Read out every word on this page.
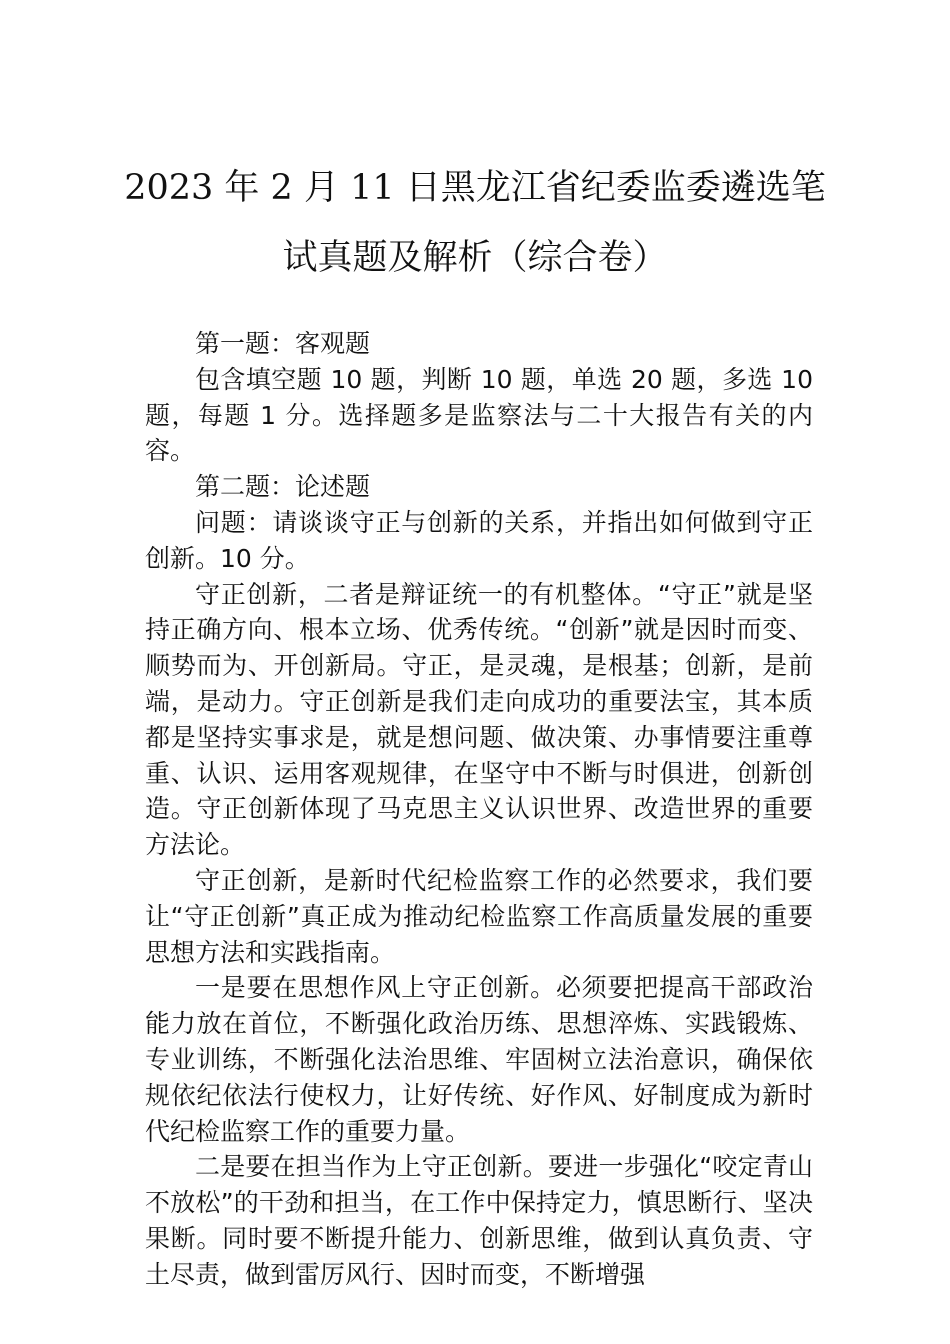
2023 年 2 月 11 日黑龙江省纪委监委遴选笔
试真题及解析（综合卷）

第一题：客观题

包含填空题 10 题，判断 10 题，单选 20 题，多选 10 题，每题 1 分。选择题多是监察法与二十大报告有关的内容。

第二题：论述题

问题：请谈谈守正与创新的关系，并指出如何做到守正创新。10 分。

守正创新，二者是辩证统一的有机整体。“守正”就是坚持正确方向、根本立场、优秀传统。“创新”就是因时而变、顺势而为、开创新局。守正，是灵魂，是根基；创新，是前端，是动力。守正创新是我们走向成功的重要法宝，其本质都是坚持实事求是，就是想问题、做决策、办事情要注重尊重、认识、运用客观规律，在坚守中不断与时俱进，创新创造。守正创新体现了马克思主义认识世界、改造世界的重要方法论。

守正创新，是新时代纪检监察工作的必然要求，我们要让“守正创新”真正成为推动纪检监察工作高质量发展的重要思想方法和实践指南。

一是要在思想作风上守正创新。必须要把提高干部政治能力放在首位，不断强化政治历练、思想淬炼、实践锻炼、专业训练，不断强化法治思维、牢固树立法治意识，确保依规依纪依法行使权力，让好传统、好作风、好制度成为新时代纪检监察工作的重要力量。

二是要在担当作为上守正创新。要进一步强化“咬定青山不放松”的干劲和担当，在工作中保持定力，慎思断行、坚决果断。同时要不断提升能力、创新思维，做到认真负责、守土尽责，做到雷厉风行、因时而变，不断增强
